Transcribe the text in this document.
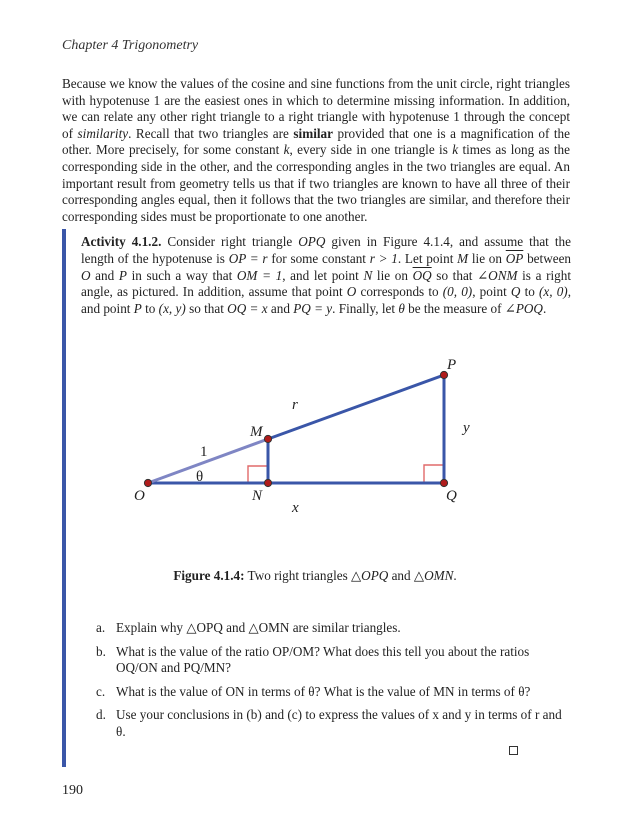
Chapter 4 Trigonometry

Because we know the values of the cosine and sine functions from the unit circle, right triangles with hypotenuse 1 are the easiest ones in which to determine missing information. In addition, we can relate any other right triangle to a right triangle with hypotenuse 1 through the concept of similarity. Recall that two triangles are similar provided that one is a magnification of the other. More precisely, for some constant k, every side in one triangle is k times as long as the corresponding side in the other, and the corresponding angles in the two triangles are equal. An important result from geometry tells us that if two triangles are known to have all three of their corresponding angles equal, then it follows that the two triangles are similar, and therefore their corresponding sides must be proportionate to one another.

Activity 4.1.2. Consider right triangle OPQ given in Figure 4.1.4, and assume that the length of the hypotenuse is OP = r for some constant r > 1. Let point M lie on $\overline{OP}$ between O and P in such a way that OM = 1, and let point N lie on $\overline{OQ}$ so that ∠ONM is a right angle, as pictured. In addition, assume that point O corresponds to (0, 0), point Q to (x, 0), and point P to (x, y) so that OQ = x and PQ = y. Finally, let θ be the measure of ∠POQ.

P
Q
O
M
N
r
y
x
1
θ
Figure 4.1.4: Two right triangles △OPQ and △OMN.
a. Explain why △OPQ and △OMN are similar triangles.
b. What is the value of the ratio OP/OM? What does this tell you about the ratios OQ/ON and PQ/MN?
c. What is the value of ON in terms of θ? What is the value of MN in terms of θ?
d. Use your conclusions in (b) and (c) to express the values of x and y in terms of r and θ.
190
